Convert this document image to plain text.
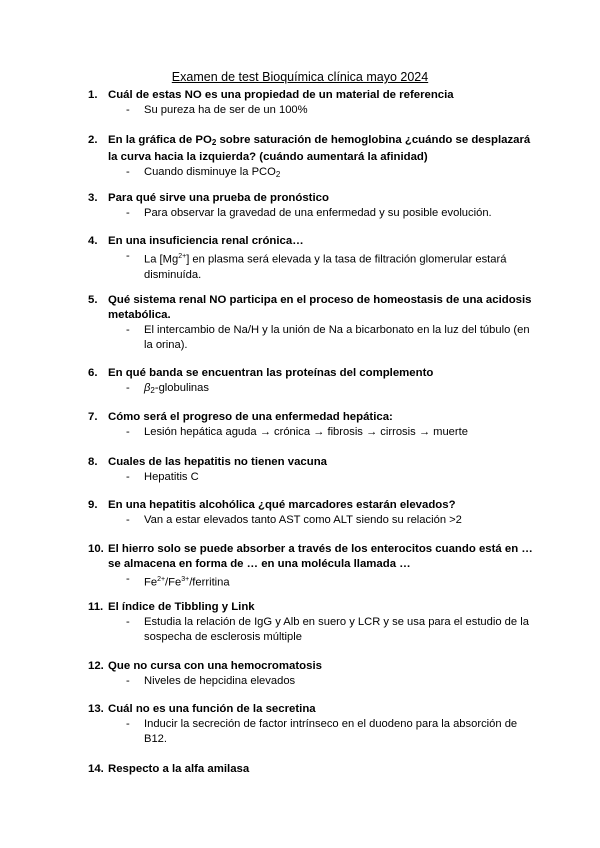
Examen de test Bioquímica clínica mayo 2024
1. Cuál de estas NO es una propiedad de un material de referencia
- Su pureza ha de ser de un 100%
2. En la gráfica de $PO_2$ sobre saturación de hemoglobina ¿cuándo se desplazará la curva hacia la izquierda? (cuándo aumentará la afinidad)
- Cuando disminuye la $PCO_2$
3. Para qué sirve una prueba de pronóstico
- Para observar la gravedad de una enfermedad y su posible evolución.
4. En una insuficiencia renal crónica…
- La $[Mg^{2+}]$ en plasma será elevada y la tasa de filtración glomerular estará disminuída.
5. Qué sistema renal NO participa en el proceso de homeostasis de una acidosis metabólica.
- El intercambio de Na/H y la unión de Na a bicarbonato en la luz del túbulo (en la orina).
6. En qué banda se encuentran las proteínas del complemento
- $\beta_2$-globulinas
7. Cómo será el progreso de una enfermedad hepática:
- Lesión hepática aguda → crónica → fibrosis → cirrosis → muerte
8. Cuales de las hepatitis no tienen vacuna
- Hepatitis C
9. En una hepatitis alcohólica ¿qué marcadores estarán elevados?
- Van a estar elevados tanto AST como ALT siendo su relación >2
10. El hierro solo se puede absorber a través de los enterocitos cuando está en … se almacena en forma de … en una molécula llamada …
- $Fe^{2+}/Fe^{3+}$/ferritina
11. El índice de Tibbling y Link
- Estudia la relación de IgG y Alb en suero y LCR y se usa para el estudio de la sospecha de esclerosis múltiple
12. Que no cursa con una hemocromatosis
- Niveles de hepcidina elevados
13. Cuál no es una función de la secretina
- Inducir la secreción de factor intrínseco en el duodeno para la absorción de B12.
14. Respecto a la alfa amilasa
